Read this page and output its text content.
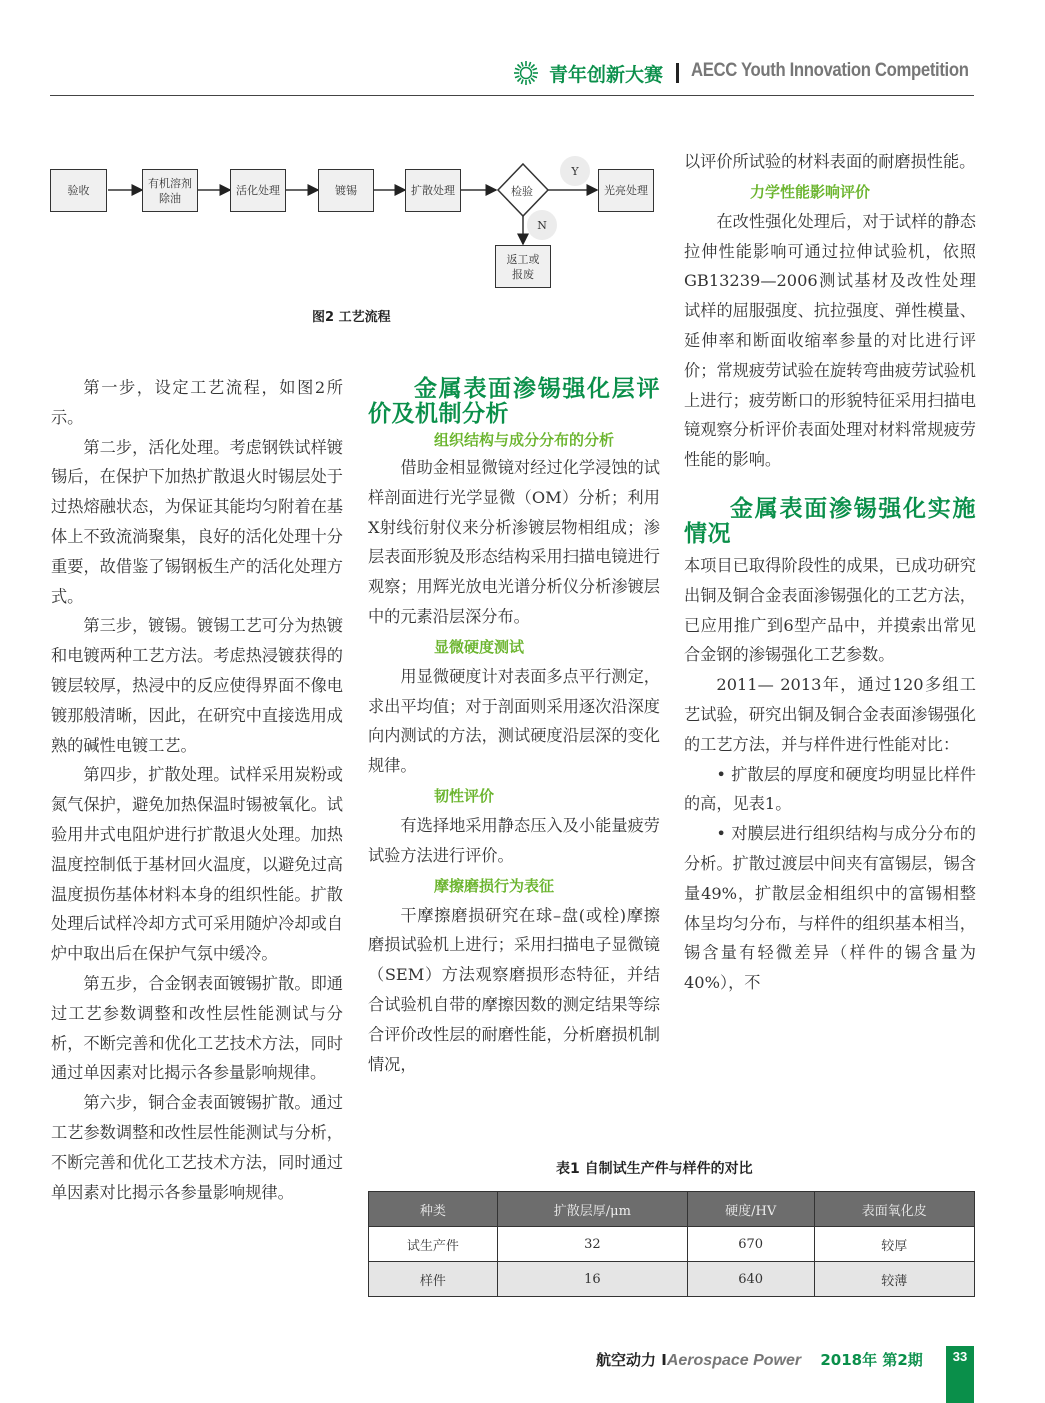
青年创新大赛 AECC Youth Innovation Competition
验收
有机溶剂
除油
活化处理	镀锡	扩散处理	检验	光亮处理
返工或
报废
Y
N
图2 工艺流程

第一步，设定工艺流程，如图2所示。

第二步，活化处理。考虑钢铁试样镀锡后，在保护下加热扩散退火时锡层处于过热熔融状态，为保证其能均匀附着在基体上不致流淌聚集，良好的活化处理十分重要，故借鉴了锡钢板生产的活化处理方式。

第三步，镀锡。镀锡工艺可分为热镀和电镀两种工艺方法。考虑热浸镀获得的镀层较厚，热浸中的反应使得界面不像电镀那般清晰，因此，在研究中直接选用成熟的碱性电镀工艺。

第四步，扩散处理。试样采用炭粉或氮气保护，避免加热保温时锡被氧化。试验用井式电阻炉进行扩散退火处理。加热温度控制低于基材回火温度，以避免过高温度损伤基体材料本身的组织性能。扩散处理后试样冷却方式可采用随炉冷却或自炉中取出后在保护气氛中缓冷。

第五步，合金钢表面镀锡扩散。即通过工艺参数调整和改性层性能测试与分析，不断完善和优化工艺技术方法，同时通过单因素对比揭示各参量影响规律。

第六步，铜合金表面镀锡扩散。通过工艺参数调整和改性层性能测试与分析，不断完善和优化工艺技术方法，同时通过单因素对比揭示各参量影响规律。

金属表面渗锡强化层评价及机制分析

组织结构与成分分布的分析

借助金相显微镜对经过化学浸蚀的试样剖面进行光学显微（OM）分析；利用X射线衍射仪来分析渗镀层物相组成；渗层表面形貌及形态结构采用扫描电镜进行观察；用辉光放电光谱分析仪分析渗镀层中的元素沿层深分布。

显微硬度测试

用显微硬度计对表面多点平行测定，求出平均值；对于剖面则采用逐次沿深度向内测试的方法，测试硬度沿层深的变化规律。

韧性评价

有选择地采用静态压入及小能量疲劳试验方法进行评价。

摩擦磨损行为表征

干摩擦磨损研究在球–盘(或栓)摩擦磨损试验机上进行；采用扫描电子显微镜（SEM）方法观察磨损形态特征，并结合试验机自带的摩擦因数的测定结果等综合评价改性层的耐磨性能，分析磨损机制情况，

以评价所试验的材料表面的耐磨损性能。

力学性能影响评价

在改性强化处理后，对于试样的静态拉伸性能影响可通过拉伸试验机，依照GB13239—2006测试基材及改性处理试样的屈服强度、抗拉强度、弹性模量、延伸率和断面收缩率参量的对比进行评价；常规疲劳试验在旋转弯曲疲劳试验机上进行；疲劳断口的形貌特征采用扫描电镜观察分析评价表面处理对材料常规疲劳性能的影响。

金属表面渗锡强化实施情况

本项目已取得阶段性的成果，已成功研究出铜及铜合金表面渗锡强化的工艺方法，已应用推广到6型产品中，并摸索出常见合金钢的渗锡强化工艺参数。

2011— 2013年，通过120多组工艺试验，研究出铜及铜合金表面渗锡强化的工艺方法，并与样件进行性能对比：

• 扩散层的厚度和硬度均明显比样件的高，见表1。

• 对膜层进行组织结构与成分分布的分析。扩散过渡层中间夹有富锡层，锡含量49%，扩散层金相组织中的富锡相整体呈均匀分布，与样件的组织基本相当，锡含量有轻微差异（样件的锡含量为40%），不

表1 自制试生产件与样件的对比
种类	扩散层厚/μm	硬度/HV	表面氧化皮
试生产件	32	670	较厚
样件	16	640	较薄
航空动力 IAerospace Power 2018年 第2期	33
